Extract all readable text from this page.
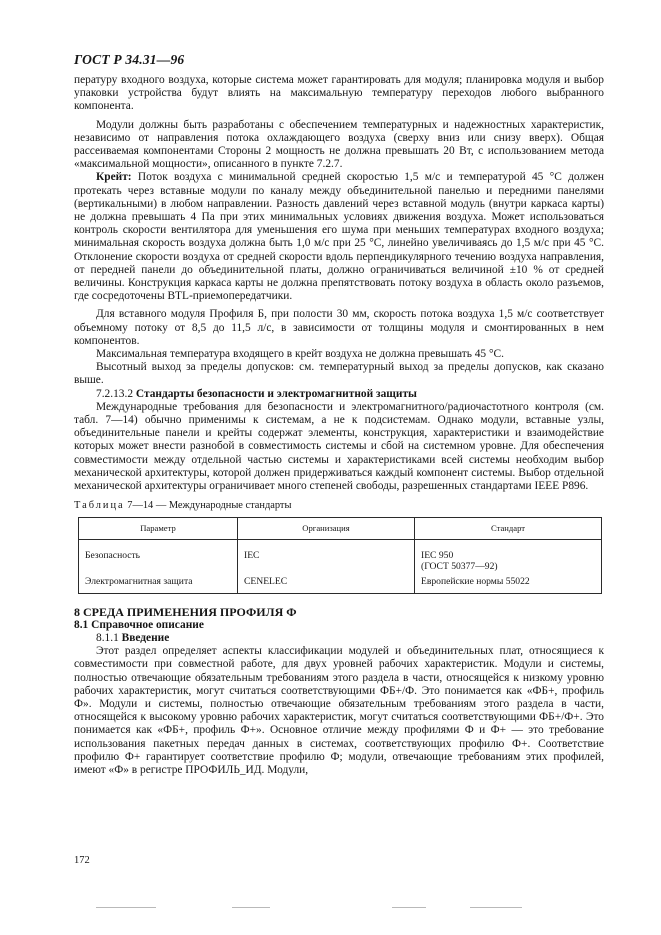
ГОСТ Р 34.31—96

пературу входного воздуха, которые система может гарантировать для модуля; планировка модуля и выбор упаковки устройства будут влиять на максимальную температуру переходов любого выбранного компонента.

Модули должны быть разработаны с обеспечением температурных и надежностных характеристик, независимо от направления потока охлаждающего воздуха (сверху вниз или снизу вверх). Общая рассеиваемая компонентами Стороны 2 мощность не должна превышать 20 Вт, с использованием метода «максимальной мощности», описанного в пункте 7.2.7.

Крейт: Поток воздуха с минимальной средней скоростью 1,5 м/с и температурой 45 °С должен протекать через вставные модули по каналу между объединительной панелью и передними панелями (вертикальными) в любом направлении. Разность давлений через вставной модуль (внутри каркаса карты) не должна превышать 4 Па при этих минимальных условиях движения воздуха. Может использоваться контроль скорости вентилятора для уменьшения его шума при меньших температурах входного воздуха; минимальная скорость воздуха должна быть 1,0 м/с при 25 °С, линейно увеличиваясь до 1,5 м/с при 45 °С. Отклонение скорости воздуха от средней скорости вдоль перпендикулярного течению воздуха направления, от передней панели до объединительной платы, должно ограничиваться величиной ±10 % от средней величины. Конструкция каркаса карты не должна препятствовать потоку воздуха в область около разъемов, где сосредоточены BTL-приемопередатчики.

Для вставного модуля Профиля Б, при полости 30 мм, скорость потока воздуха 1,5 м/с соответствует объемному потоку от 8,5 до 11,5 л/с, в зависимости от толщины модуля и смонтированных в нем компонентов.

Максимальная температура входящего в крейт воздуха не должна превышать 45 °С.

Высотный выход за пределы допусков: см. температурный выход за пределы допусков, как сказано выше.

7.2.13.2 Стандарты безопасности и электромагнитной защиты

Международные требования для безопасности и электромагнитного/радиочастотного контроля (см. табл. 7—14) обычно применимы к системам, а не к подсистемам. Однако модули, вставные узлы, объединительные панели и крейты содержат элементы, конструкция, характеристики и взаимодействие которых может внести разнобой в совместимость системы и сбой на системном уровне. Для обеспечения совместимости между отдельной частью системы и характеристиками всей системы необходим выбор механической архитектуры, которой должен придерживаться каждый компонент системы. Выбор отдельной механической архитектуры ограничивает много степеней свободы, разрешенных стандартами IEEE P896.

Таблица 7—14 — Международные стандарты

Параметр	Организация	Стандарт
Безопасность	IEC	IEC 950
(ГОСТ 50377—92)

Электромагнитная защита	CENELEC	Европейские нормы 55022

8 СРЕДА ПРИМЕНЕНИЯ ПРОФИЛЯ Ф

8.1 Справочное описание

8.1.1 Введение

Этот раздел определяет аспекты классификации модулей и объединительных плат, относящиеся к совместимости при совместной работе, для двух уровней рабочих характеристик. Модули и системы, полностью отвечающие обязательным требованиям этого раздела в части, относящейся к низкому уровню рабочих характеристик, могут считаться соответствующими ФБ+/Ф. Это понимается как «ФБ+, профиль Ф». Модули и системы, полностью отвечающие обязательным требованиям этого раздела в части, относящейся к высокому уровню рабочих характеристик, могут считаться соответствующими ФБ+/Ф+. Это понимается как «ФБ+, профиль Ф+». Основное отличие между профилями Ф и Ф+ — это требование использования пакетных передач данных в системах, соответствующих профилю Ф+. Соответствие профилю Ф+ гарантирует соответствие профилю Ф; модули, отвечающие требованиям этих профилей, имеют «Ф» в регистре ПРОФИЛЬ_ИД. Модули,

172
